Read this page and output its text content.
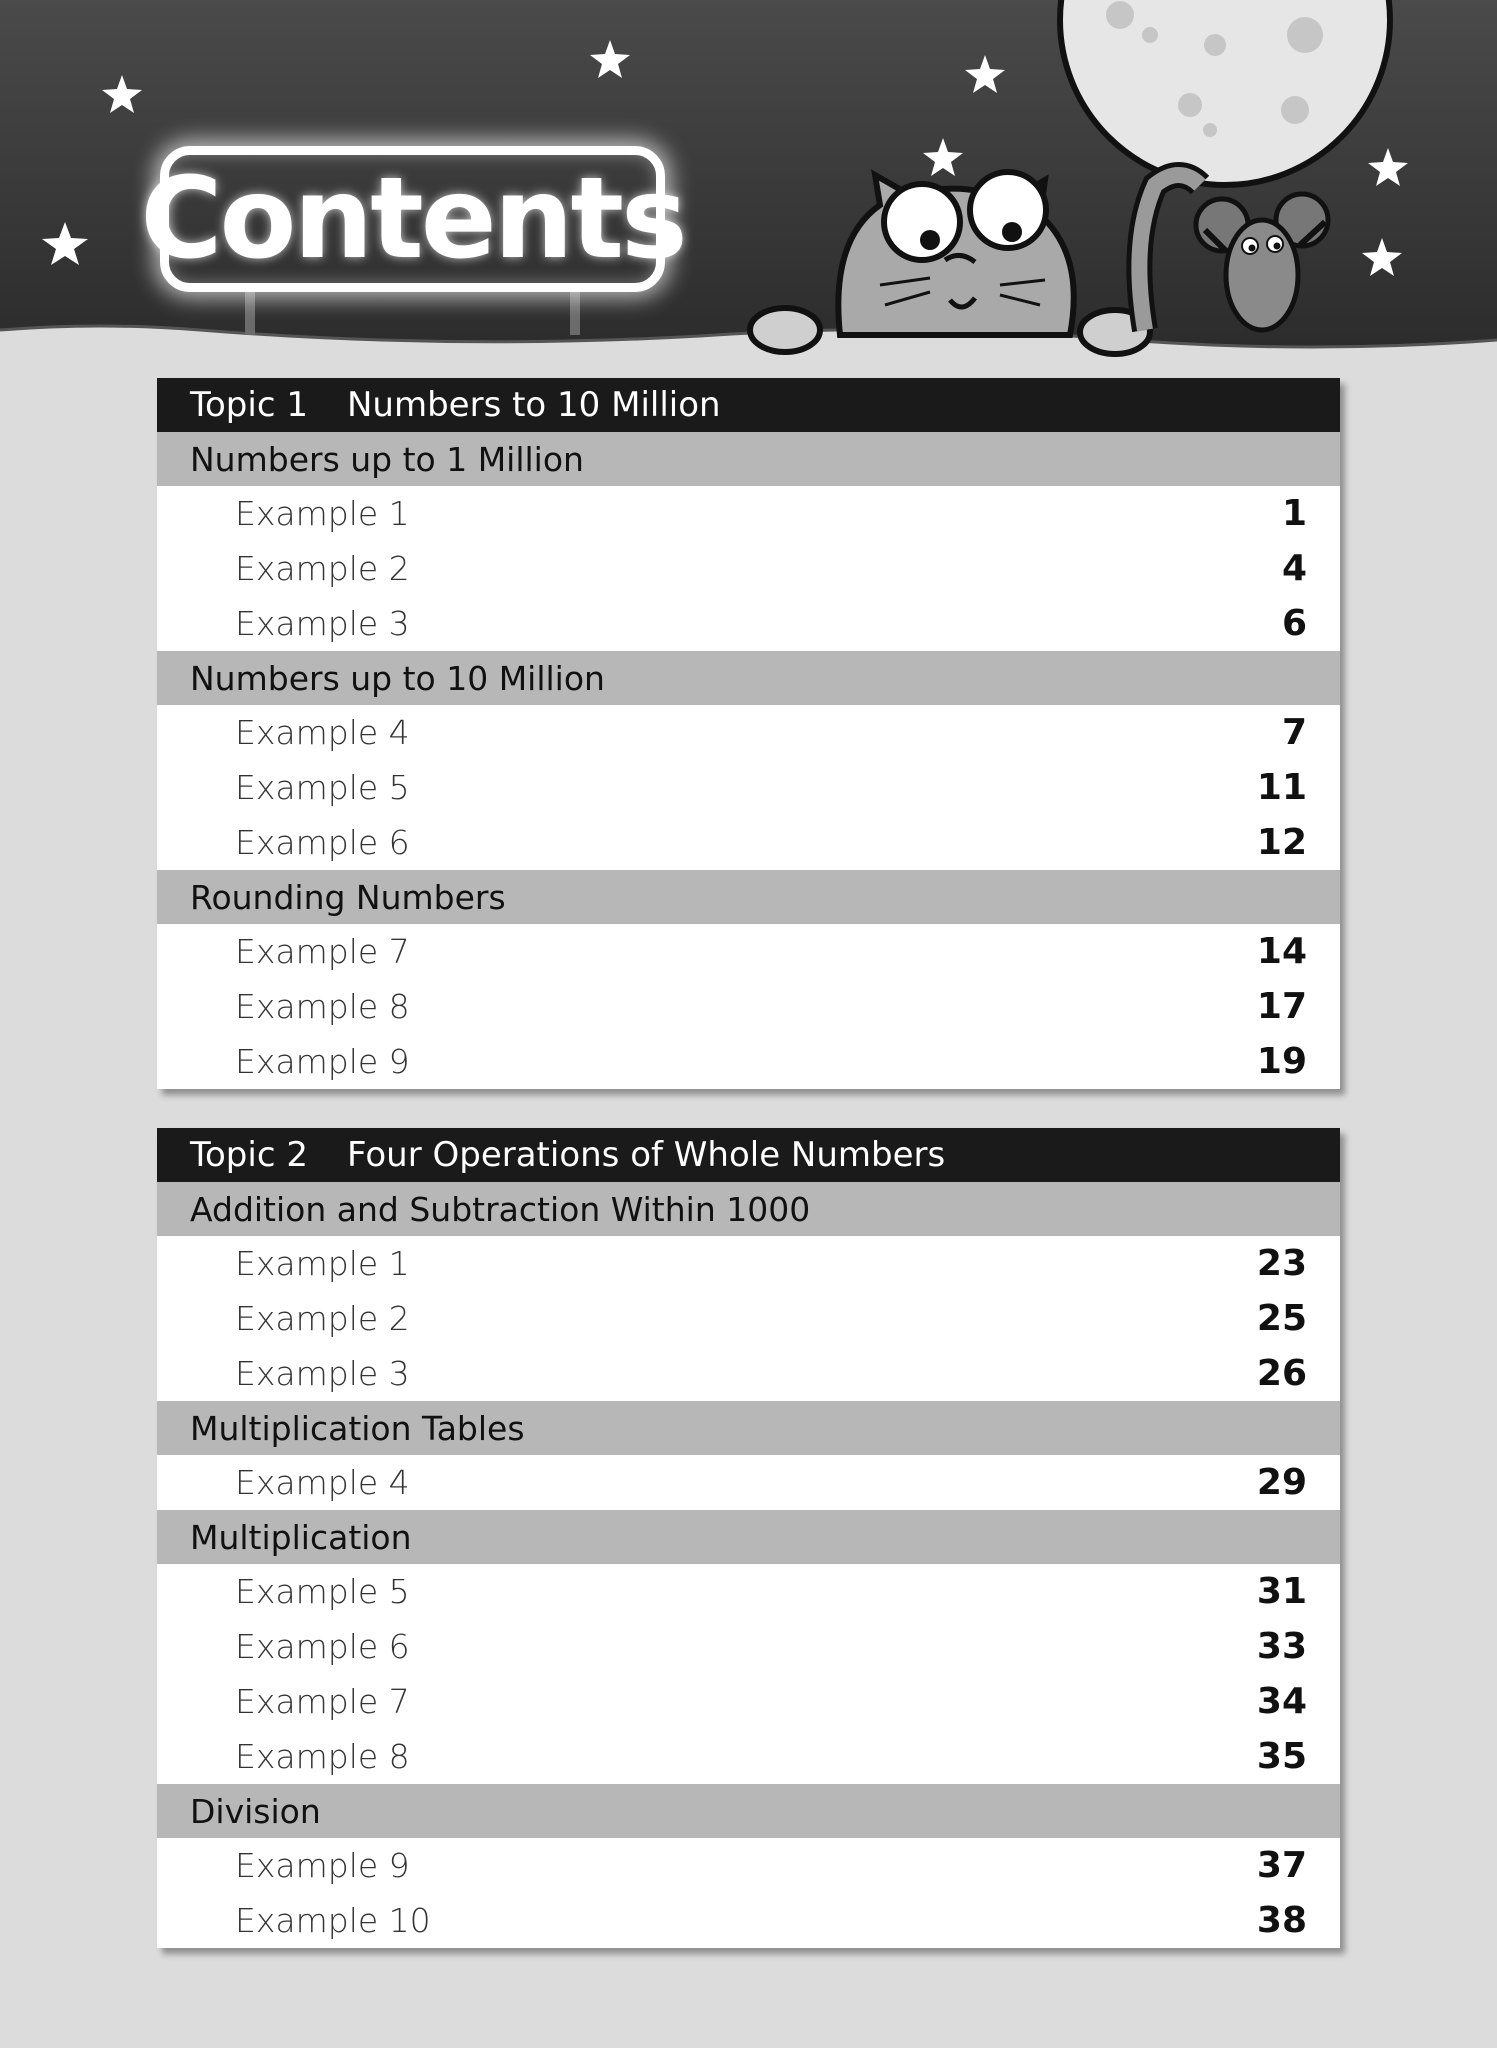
Contents
Topic 1	Numbers to 10 Million
Numbers up to 1 Million
Example 1	1
Example 2	4
Example 3	6
Numbers up to 10 Million
Example 4	7
Example 5	11
Example 6	12
Rounding Numbers
Example 7	14
Example 8	17
Example 9	19
Topic 2	Four Operations of Whole Numbers
Addition and Subtraction Within 1000
Example 1	23
Example 2	25
Example 3	26
Multiplication Tables
Example 4	29
Multiplication
Example 5	31
Example 6	33
Example 7	34
Example 8	35
Division
Example 9	37
Example 10	38
